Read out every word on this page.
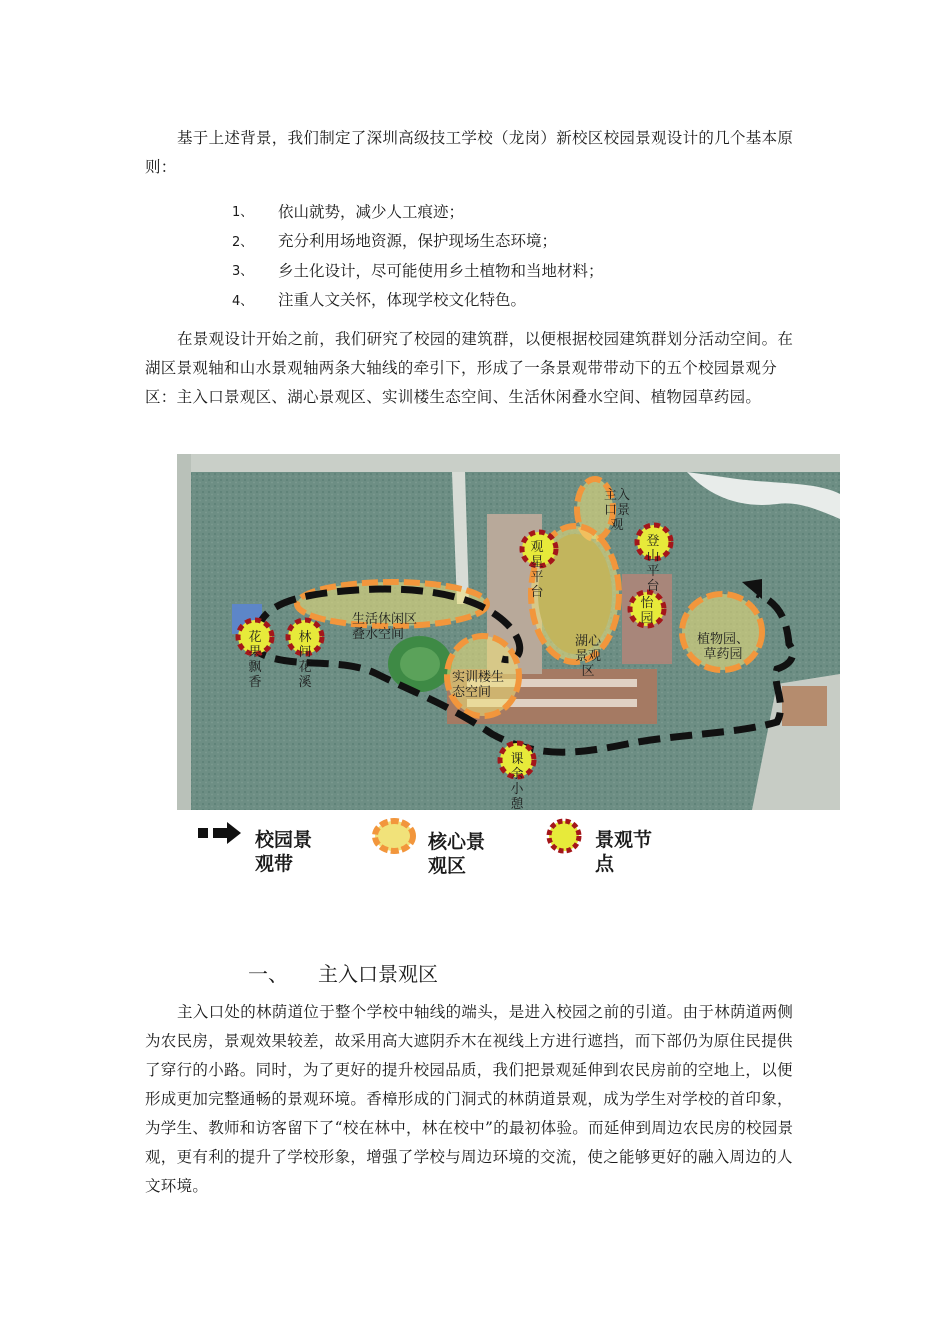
基于上述背景，我们制定了深圳高级技工学校（龙岗）新校区校园景观设计的几个基本原则：

1、	依山就势，减少人工痕迹；
2、	充分利用场地资源，保护现场生态环境；
3、	乡土化设计，尽可能使用乡土植物和当地材料；
4、	注重人文关怀，体现学校文化特色。

在景观设计开始之前，我们研究了校园的建筑群，以便根据校园建筑群划分活动空间。在湖区景观轴和山水景观轴两条大轴线的牵引下，形成了一条景观带带动下的五个校园景观分区：主入口景观区、湖心景观区、实训楼生态空间、生活休闲叠水空间、植物园草药园。

主入口景观
观星平台
登山平台
怡园
湖心景观区
生活休闲区叠水空间
花果飘香
林间花溪	实训楼生态空间
植物园、草药园
课余小憩
校园景观带
核心景观区
景观节点
一、 主入口景观区

主入口处的林荫道位于整个学校中轴线的端头，是进入校园之前的引道。由于林荫道两侧为农民房，景观效果较差，故采用高大遮阴乔木在视线上方进行遮挡，而下部仍为原住民提供了穿行的小路。同时，为了更好的提升校园品质，我们把景观延伸到农民房前的空地上，以便形成更加完整通畅的景观环境。香樟形成的门洞式的林荫道景观，成为学生对学校的首印象，为学生、教师和访客留下了“校在林中，林在校中”的最初体验。而延伸到周边农民房的校园景观，更有利的提升了学校形象，增强了学校与周边环境的交流，使之能够更好的融入周边的人文环境。
